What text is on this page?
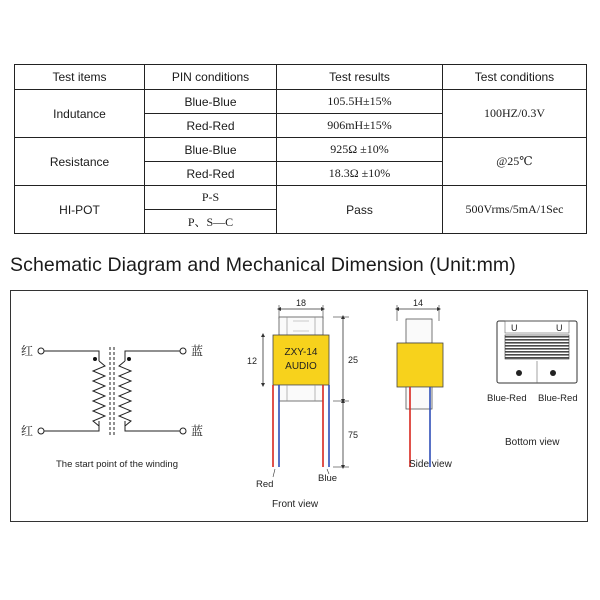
Test items	PIN conditions	Test results	Test conditions
Indutance	Blue-Blue	105.5H±15%	100HZ/0.3V
	Red-Red	906mH±15%	
Resistance	Blue-Blue	925Ω ±10%	@25℃
	Red-Red	18.3Ω ±10%	
HI-POT	P-S	Pass	500Vrms/5mA/1Sec
	P、S—C		
Schematic Diagram and Mechanical Dimension (Unit:mm)
红
红
蓝
蓝
The start point of the winding
18
ZXY-14
AUDIO
12	25
75
Red
Blue
Front view
14
Side view
U	U
Blue-Red Blue-Red
Bottom view
